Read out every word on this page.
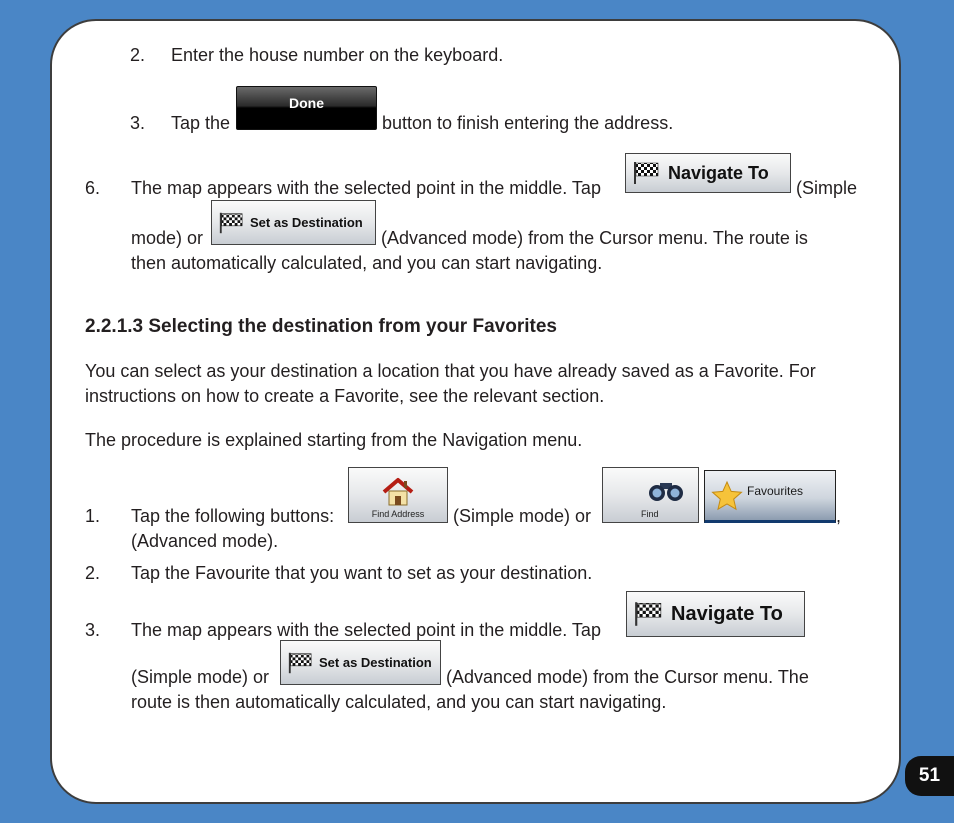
2. Enter the house number on the keyboard.
3. Tap the
Done
button to finish entering the address.
6. The map appears with the selected point in the middle. Tap
Navigate To
(Simple
mode) or
Set as Destination
(Advanced mode) from the Cursor menu. The route is
then automatically calculated, and you can start navigating.
2.2.1.3 Selecting the destination from your Favorites
You can select as your destination a location that you have already saved as a Favorite. For
instructions on how to create a Favorite, see the relevant section.
The procedure is explained starting from the Navigation menu.
1. Tap the following buttons:	Find Address (Simple mode) or	Find
Favourites
,
(Advanced mode).
2. Tap the Favourite that you want to set as your destination.
3. The map appears with the selected point in the middle. Tap
Navigate To
(Simple mode) or
Set as Destination
(Advanced mode) from the Cursor menu. The
route is then automatically calculated, and you can start navigating.
51
